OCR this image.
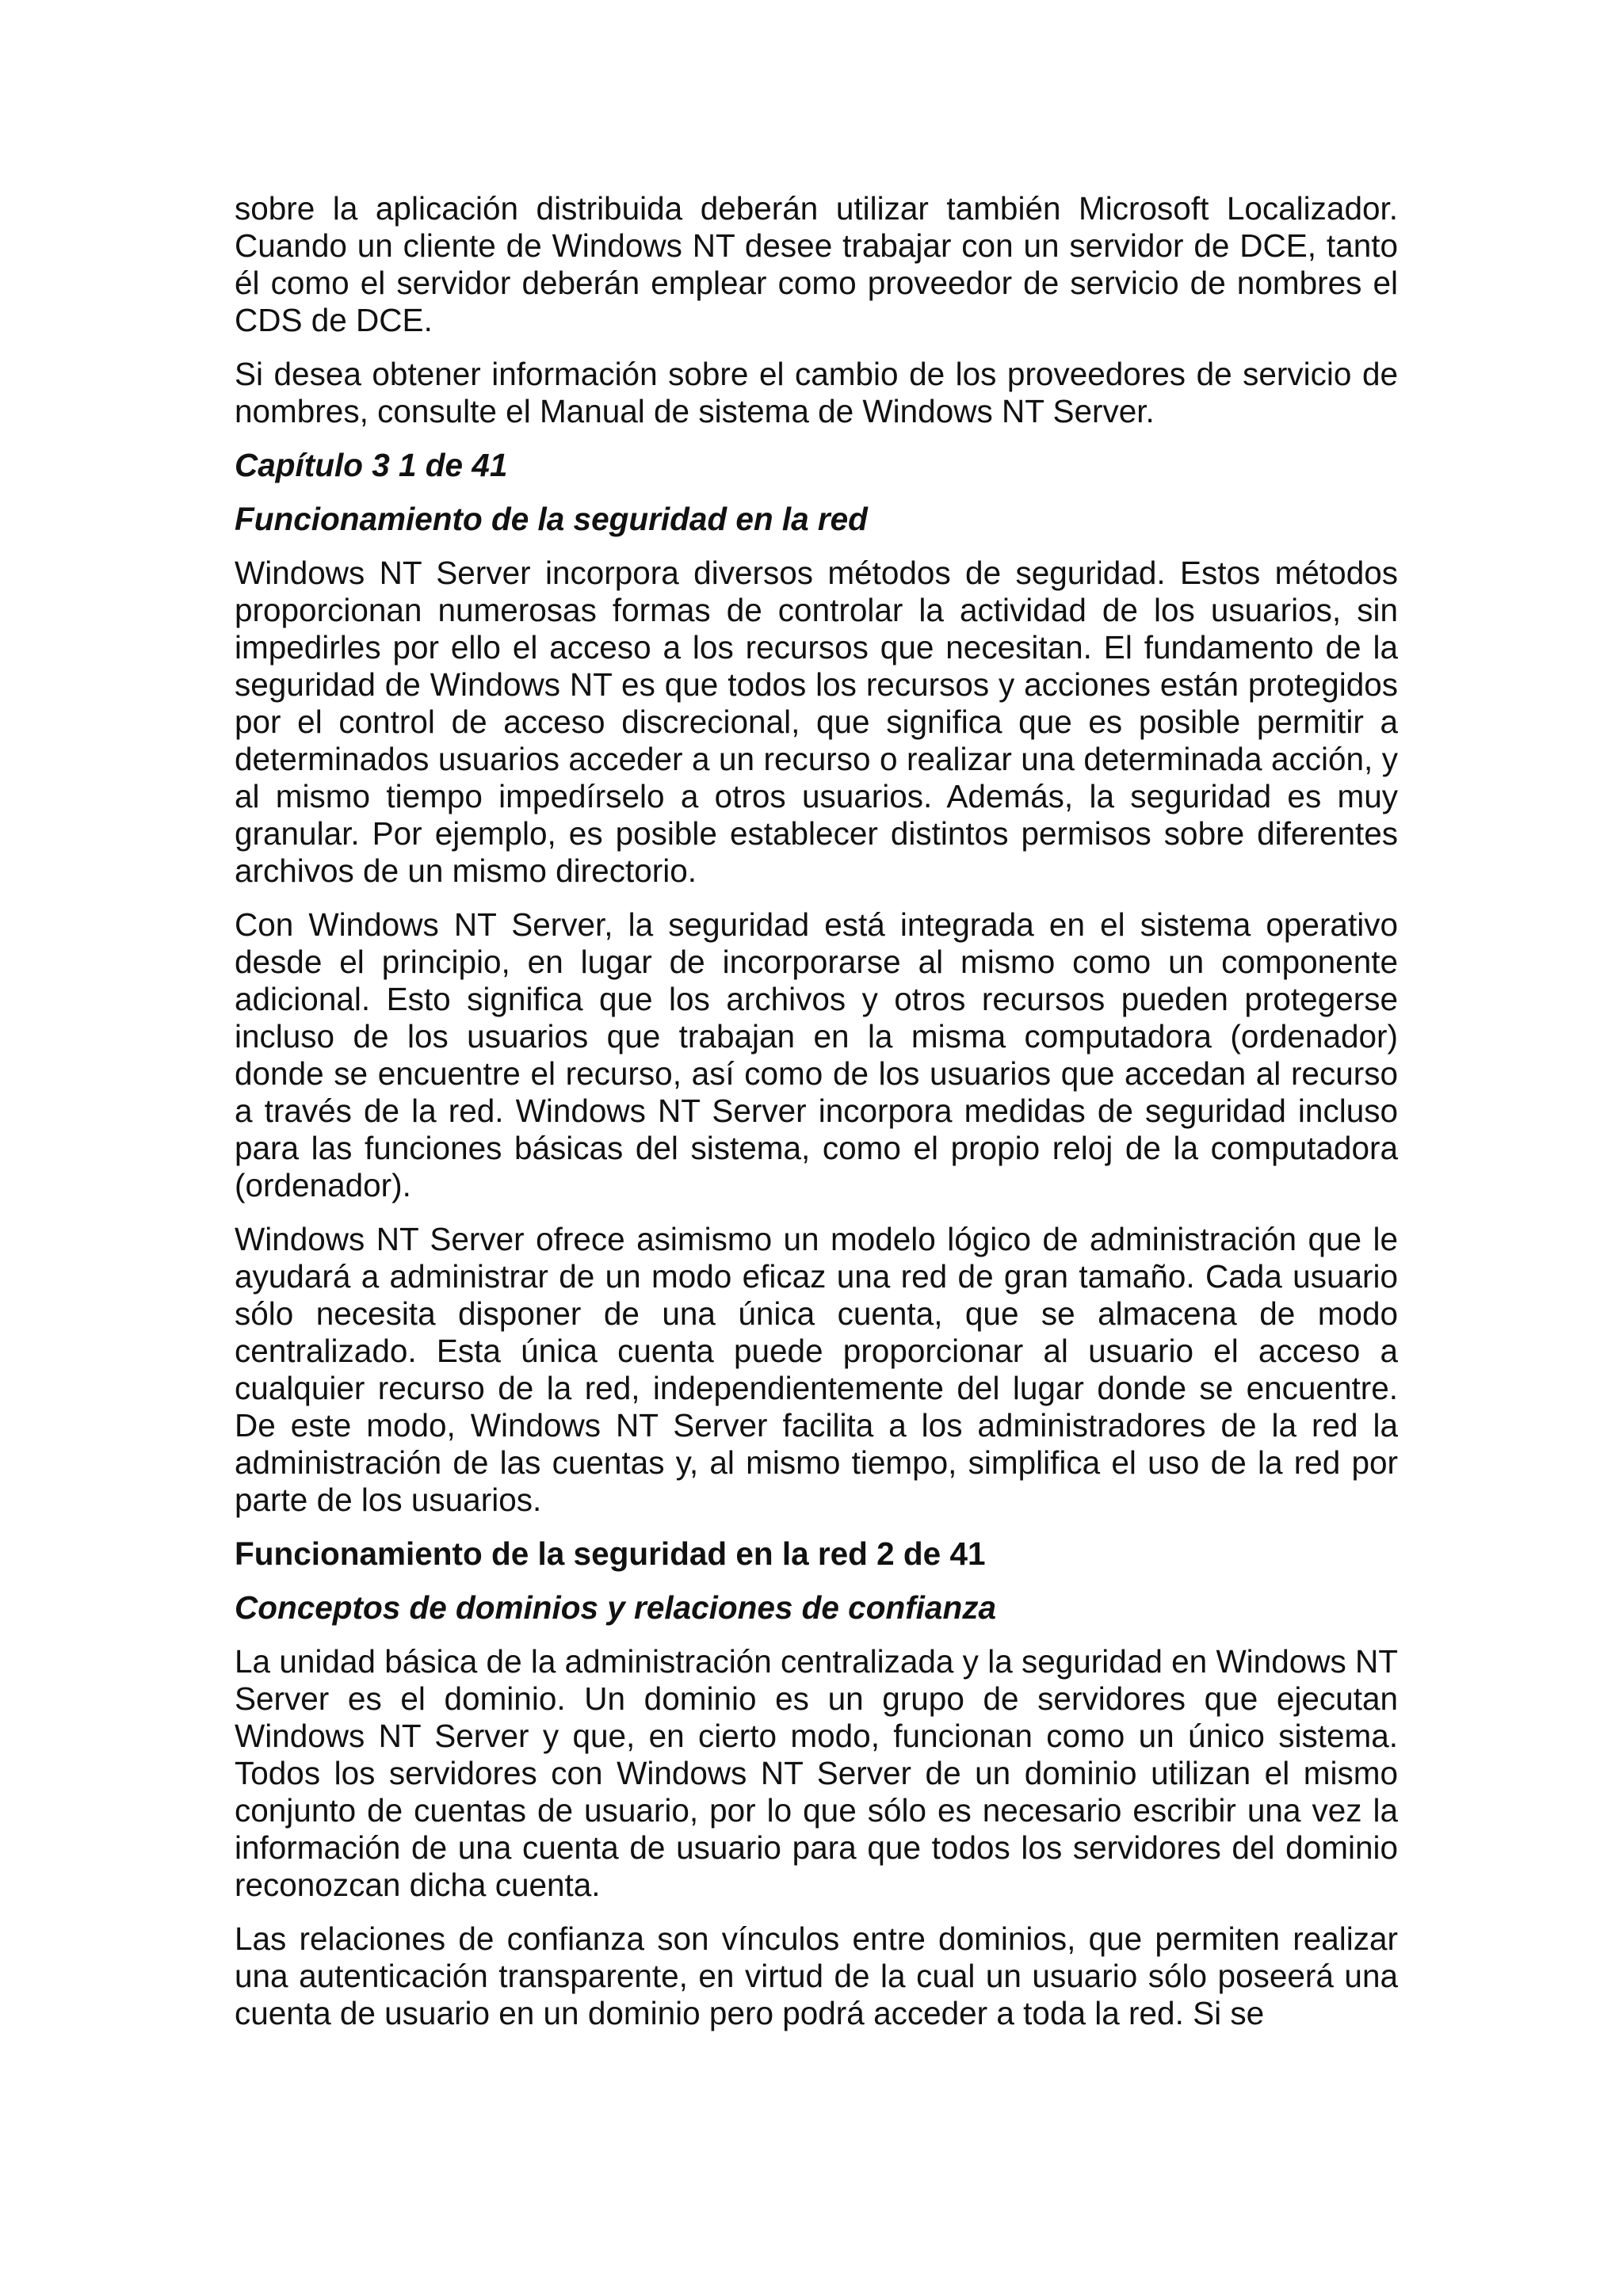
sobre la aplicación distribuida deberán utilizar también Microsoft Localizador. Cuando un cliente de Windows NT desee trabajar con un servidor de DCE, tanto él como el servidor deberán emplear como proveedor de servicio de nombres el CDS de DCE.

Si desea obtener información sobre el cambio de los proveedores de servicio de nombres, consulte el Manual de sistema de Windows NT Server.

Capítulo 3 1 de 41

Funcionamiento de la seguridad en la red

Windows NT Server incorpora diversos métodos de seguridad. Estos métodos proporcionan numerosas formas de controlar la actividad de los usuarios, sin impedirles por ello el acceso a los recursos que necesitan. El fundamento de la seguridad de Windows NT es que todos los recursos y acciones están protegidos por el control de acceso discrecional, que significa que es posible permitir a determinados usuarios acceder a un recurso o realizar una determinada acción, y al mismo tiempo impedírselo a otros usuarios. Además, la seguridad es muy granular. Por ejemplo, es posible establecer distintos permisos sobre diferentes archivos de un mismo directorio.

Con Windows NT Server, la seguridad está integrada en el sistema operativo desde el principio, en lugar de incorporarse al mismo como un componente adicional. Esto significa que los archivos y otros recursos pueden protegerse incluso de los usuarios que trabajan en la misma computadora (ordenador) donde se encuentre el recurso, así como de los usuarios que accedan al recurso a través de la red. Windows NT Server incorpora medidas de seguridad incluso para las funciones básicas del sistema, como el propio reloj de la computadora (ordenador).

Windows NT Server ofrece asimismo un modelo lógico de administración que le ayudará a administrar de un modo eficaz una red de gran tamaño. Cada usuario sólo necesita disponer de una única cuenta, que se almacena de modo centralizado. Esta única cuenta puede proporcionar al usuario el acceso a cualquier recurso de la red, independientemente del lugar donde se encuentre. De este modo, Windows NT Server facilita a los administradores de la red la administración de las cuentas y, al mismo tiempo, simplifica el uso de la red por parte de los usuarios.

Funcionamiento de la seguridad en la red 2 de 41

Conceptos de dominios y relaciones de confianza

La unidad básica de la administración centralizada y la seguridad en Windows NT Server es el dominio. Un dominio es un grupo de servidores que ejecutan Windows NT Server y que, en cierto modo, funcionan como un único sistema. Todos los servidores con Windows NT Server de un dominio utilizan el mismo conjunto de cuentas de usuario, por lo que sólo es necesario escribir una vez la información de una cuenta de usuario para que todos los servidores del dominio reconozcan dicha cuenta.

Las relaciones de confianza son vínculos entre dominios, que permiten realizar una autenticación transparente, en virtud de la cual un usuario sólo poseerá una cuenta de usuario en un dominio pero podrá acceder a toda la red. Si se
